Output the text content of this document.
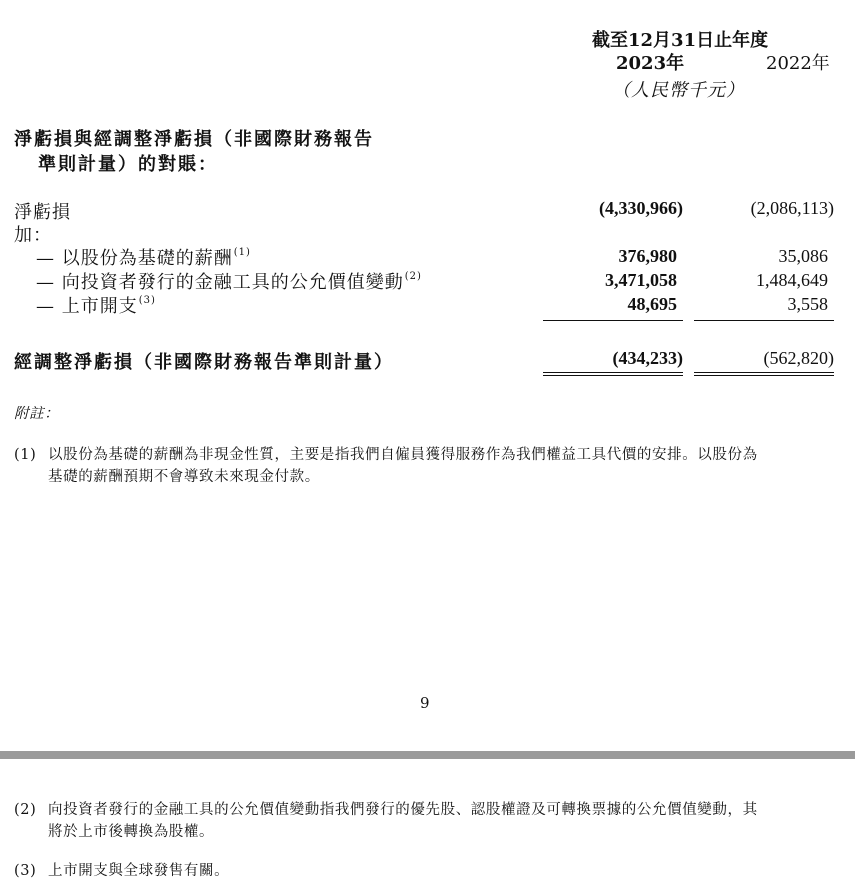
截至12月31日止年度
2023年	2022年
（人民幣千元）
淨虧損與經調整淨虧損（非國際財務報告
準則計量）的對賬：
淨虧損	(4,330,966)	(2,086,113)
加：
— 以股份為基礎的薪酬$^{(1)}$	376,980	35,086
— 向投資者發行的金融工具的公允價值變動$^{(2)}$	3,471,058	1,484,649
— 上市開支$^{(3)}$	48,695	3,558
經調整淨虧損（非國際財務報告準則計量）	(434,233)	(562,820)
附註：
(1) 以股份為基礎的薪酬為非現金性質，主要是指我們自僱員獲得服務作為我們權益工具代價的安排。以股份為
基礎的薪酬預期不會導致未來現金付款。
9
(2) 向投資者發行的金融工具的公允價值變動指我們發行的優先股、認股權證及可轉換票據的公允價值變動，其
將於上市後轉換為股權。
(3) 上市開支與全球發售有關。
